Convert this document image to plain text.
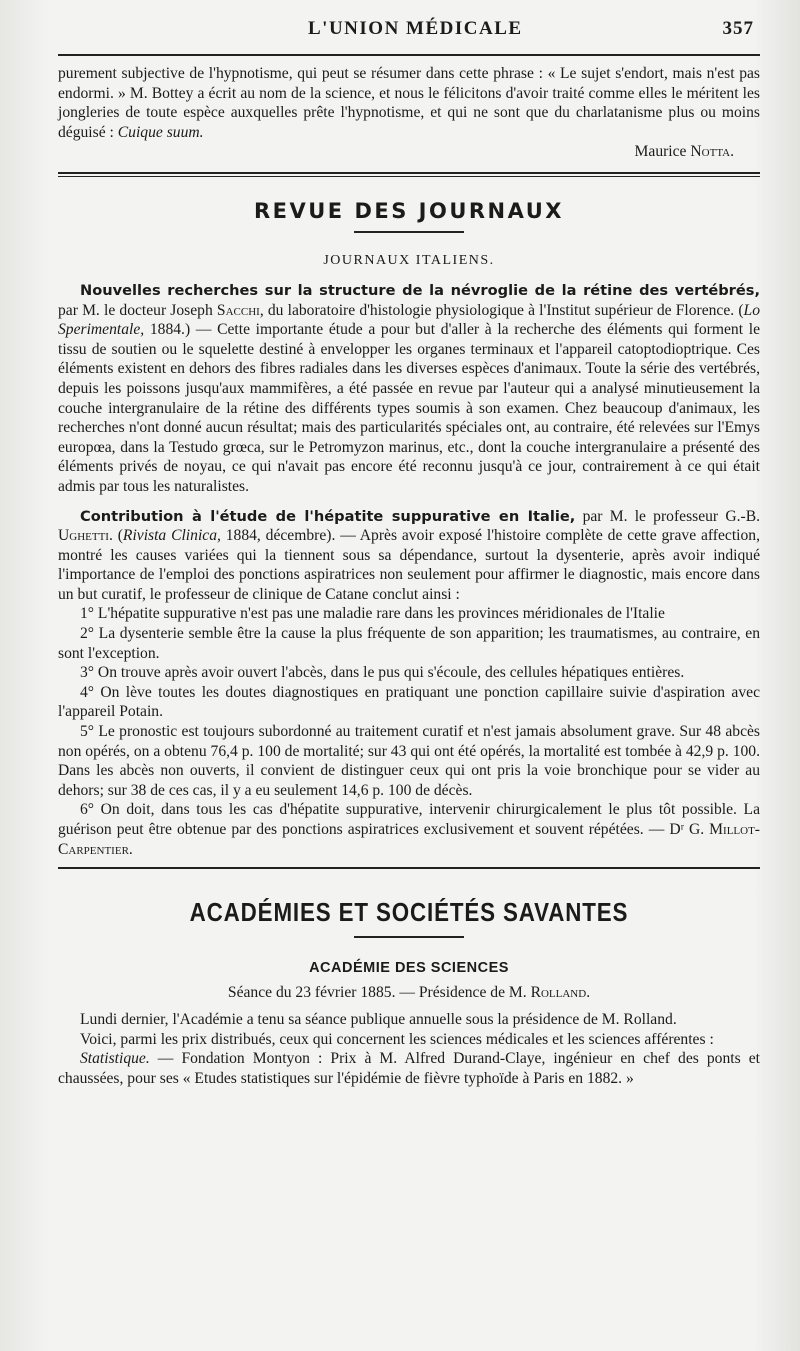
L'UNION MÉDICALE	357

purement subjective de l'hypnotisme, qui peut se résumer dans cette phrase : « Le sujet s'endort, mais n'est pas endormi. » M. Bottey a écrit au nom de la science, et nous le félicitons d'avoir traité comme elles le méritent les jongleries de toute espèce auxquelles prête l'hypnotisme, et qui ne sont que du charlatanisme plus ou moins déguisé : Cuique suum.

Maurice Notta.
REVUE DES JOURNAUX
JOURNAUX ITALIENS.

Nouvelles recherches sur la structure de la névroglie de la rétine des vertébrés, par M. le docteur Joseph Sacchi, du laboratoire d'histologie physiologique à l'Institut supérieur de Florence. (Lo Sperimentale, 1884.) — Cette importante étude a pour but d'aller à la recherche des éléments qui forment le tissu de soutien ou le squelette destiné à envelopper les organes terminaux et l'appareil catoptodioptrique. Ces éléments existent en dehors des fibres radiales dans les diverses espèces d'animaux. Toute la série des vertébrés, depuis les poissons jusqu'aux mammifères, a été passée en revue par l'auteur qui a analysé minutieusement la couche intergranulaire de la rétine des différents types soumis à son examen. Chez beaucoup d'animaux, les recherches n'ont donné aucun résultat; mais des particularités spéciales ont, au contraire, été relevées sur l'Emys europœa, dans la Testudo grœca, sur le Petromyzon marinus, etc., dont la couche intergranulaire a présenté des éléments privés de noyau, ce qui n'avait pas encore été reconnu jusqu'à ce jour, contrairement à ce qui était admis par tous les naturalistes.

Contribution à l'étude de l'hépatite suppurative en Italie, par M. le professeur G.-B. Ughetti. (Rivista Clinica, 1884, décembre). — Après avoir exposé l'histoire complète de cette grave affection, montré les causes variées qui la tiennent sous sa dépendance, surtout la dysenterie, après avoir indiqué l'importance de l'emploi des ponctions aspiratrices non seulement pour affirmer le diagnostic, mais encore dans un but curatif, le professeur de clinique de Catane conclut ainsi :

1° L'hépatite suppurative n'est pas une maladie rare dans les provinces méridionales de l'Italie

2° La dysenterie semble être la cause la plus fréquente de son apparition; les traumatismes, au contraire, en sont l'exception.

3° On trouve après avoir ouvert l'abcès, dans le pus qui s'écoule, des cellules hépatiques entières.

4° On lève toutes les doutes diagnostiques en pratiquant une ponction capillaire suivie d'aspiration avec l'appareil Potain.

5° Le pronostic est toujours subordonné au traitement curatif et n'est jamais absolument grave. Sur 48 abcès non opérés, on a obtenu 76,4 p. 100 de mortalité; sur 43 qui ont été opérés, la mortalité est tombée à 42,9 p. 100. Dans les abcès non ouverts, il convient de distinguer ceux qui ont pris la voie bronchique pour se vider au dehors; sur 38 de ces cas, il y a eu seulement 14,6 p. 100 de décès.

6° On doit, dans tous les cas d'hépatite suppurative, intervenir chirurgicalement le plus tôt possible. La guérison peut être obtenue par des ponctions aspiratrices exclusivement et souvent répétées. — Dʳ G. Millot-Carpentier.

ACADÉMIES ET SOCIÉTÉS SAVANTES
ACADÉMIE DES SCIENCES
Séance du 23 février 1885. — Présidence de M. Rolland.

Lundi dernier, l'Académie a tenu sa séance publique annuelle sous la présidence de M. Rolland.

Voici, parmi les prix distribués, ceux qui concernent les sciences médicales et les sciences afférentes :

Statistique. — Fondation Montyon : Prix à M. Alfred Durand-Claye, ingénieur en chef des ponts et chaussées, pour ses « Etudes statistiques sur l'épidémie de fièvre typhoïde à Paris en 1882. »
